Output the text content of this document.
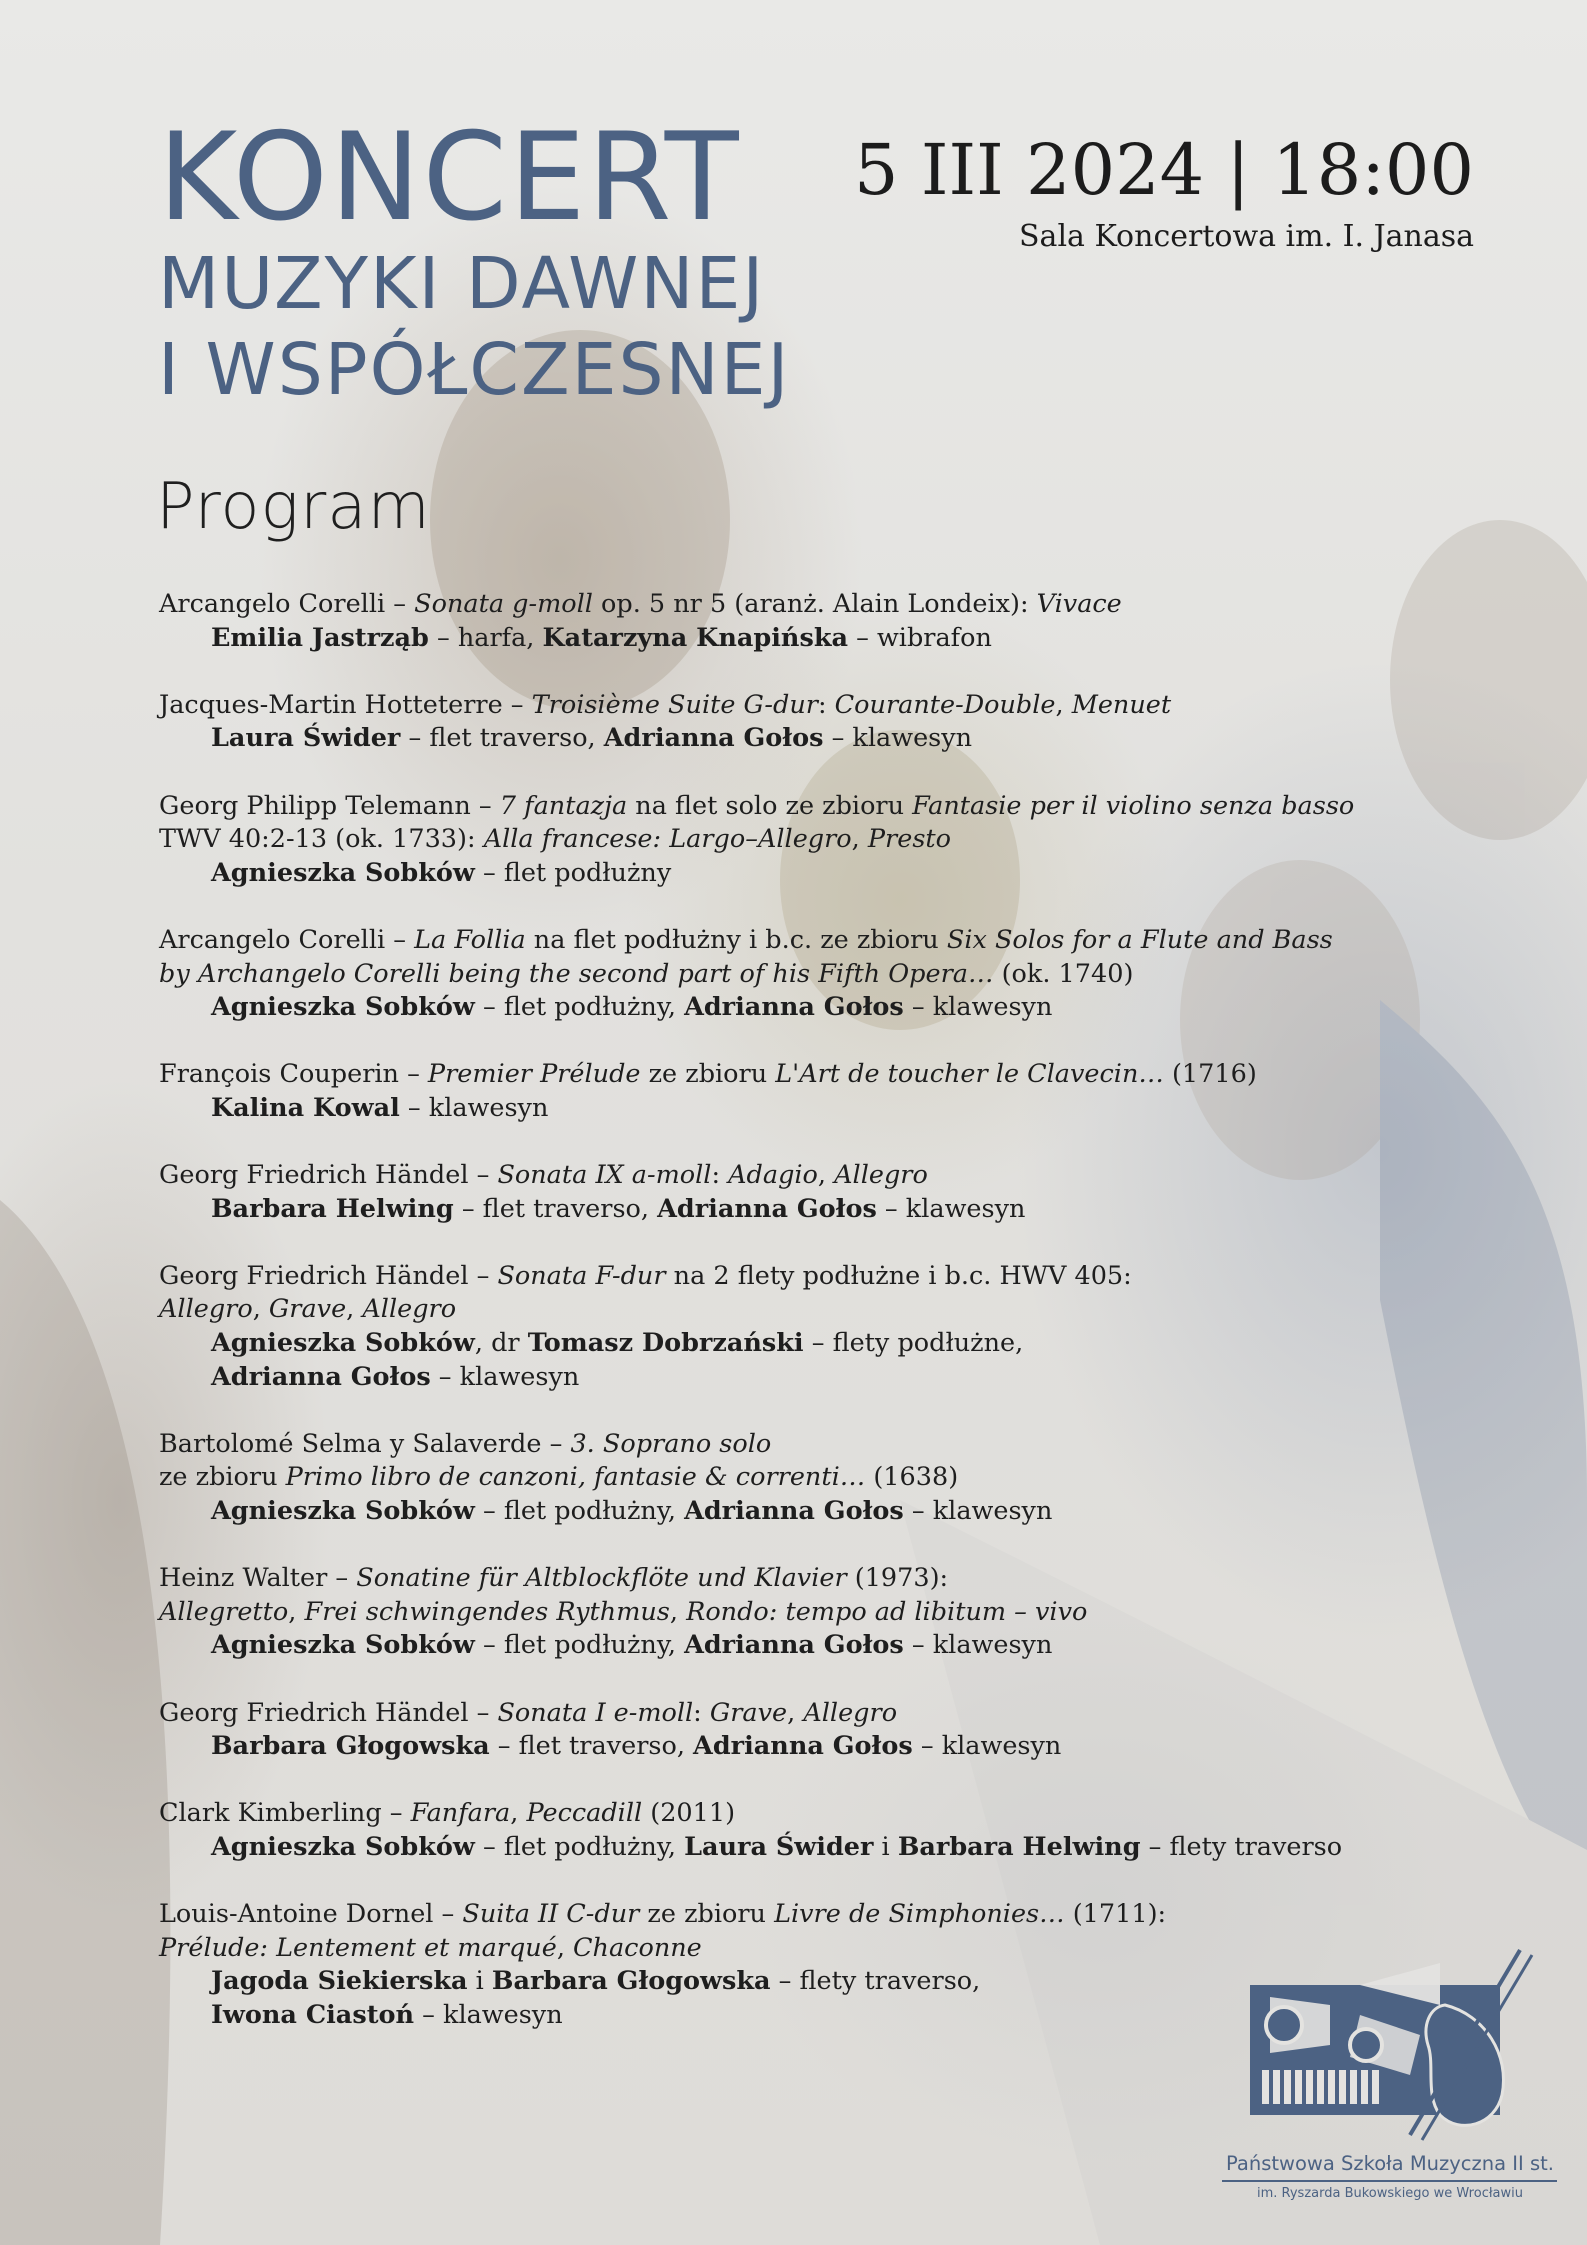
KONCERT
MUZYKI DAWNEJ
I WSPÓŁCZESNEJ
5 III 2024 | 18:00
Sala Koncertowa im. I. Janasa
Program
Arcangelo Corelli – Sonata g-moll op. 5 nr 5 (aranż. Alain Londeix): Vivace
Emilia Jastrząb – harfa, Katarzyna Knapińska – wibrafon
Jacques-Martin Hotteterre – Troisième Suite G-dur: Courante-Double, Menuet
Laura Świder – flet traverso, Adrianna Gołos – klawesyn
Georg Philipp Telemann – 7 fantazja na flet solo ze zbioru Fantasie per il violino senza basso
TWV 40:2-13 (ok. 1733): Alla francese: Largo–Allegro, Presto
Agnieszka Sobków – flet podłużny
Arcangelo Corelli – La Follia na flet podłużny i b.c. ze zbioru Six Solos for a Flute and Bass
by Archangelo Corelli being the second part of his Fifth Opera… (ok. 1740)
Agnieszka Sobków – flet podłużny, Adrianna Gołos – klawesyn
François Couperin – Premier Prélude ze zbioru L'Art de toucher le Clavecin… (1716)
Kalina Kowal – klawesyn
Georg Friedrich Händel – Sonata IX a-moll: Adagio, Allegro
Barbara Helwing – flet traverso, Adrianna Gołos – klawesyn
Georg Friedrich Händel – Sonata F-dur na 2 flety podłużne i b.c. HWV 405:
Allegro, Grave, Allegro
Agnieszka Sobków, dr Tomasz Dobrzański – flety podłużne,
Adrianna Gołos – klawesyn
Bartolomé Selma y Salaverde – 3. Soprano solo
ze zbioru Primo libro de canzoni, fantasie & correnti… (1638)
Agnieszka Sobków – flet podłużny, Adrianna Gołos – klawesyn
Heinz Walter – Sonatine für Altblockflöte und Klavier (1973):
Allegretto, Frei schwingendes Rythmus, Rondo: tempo ad libitum – vivo
Agnieszka Sobków – flet podłużny, Adrianna Gołos – klawesyn
Georg Friedrich Händel – Sonata I e-moll: Grave, Allegro
Barbara Głogowska – flet traverso, Adrianna Gołos – klawesyn
Clark Kimberling – Fanfara, Peccadill (2011)
Agnieszka Sobków – flet podłużny, Laura Świder i Barbara Helwing – flety traverso
Louis-Antoine Dornel – Suita II C-dur ze zbioru Livre de Simphonies… (1711):
Prélude: Lentement et marqué, Chaconne
Jagoda Siekierska i Barbara Głogowska – flety traverso,
Iwona Ciastoń – klawesyn
Państwowa Szkoła Muzyczna II st.
im. Ryszarda Bukowskiego we Wrocławiu
